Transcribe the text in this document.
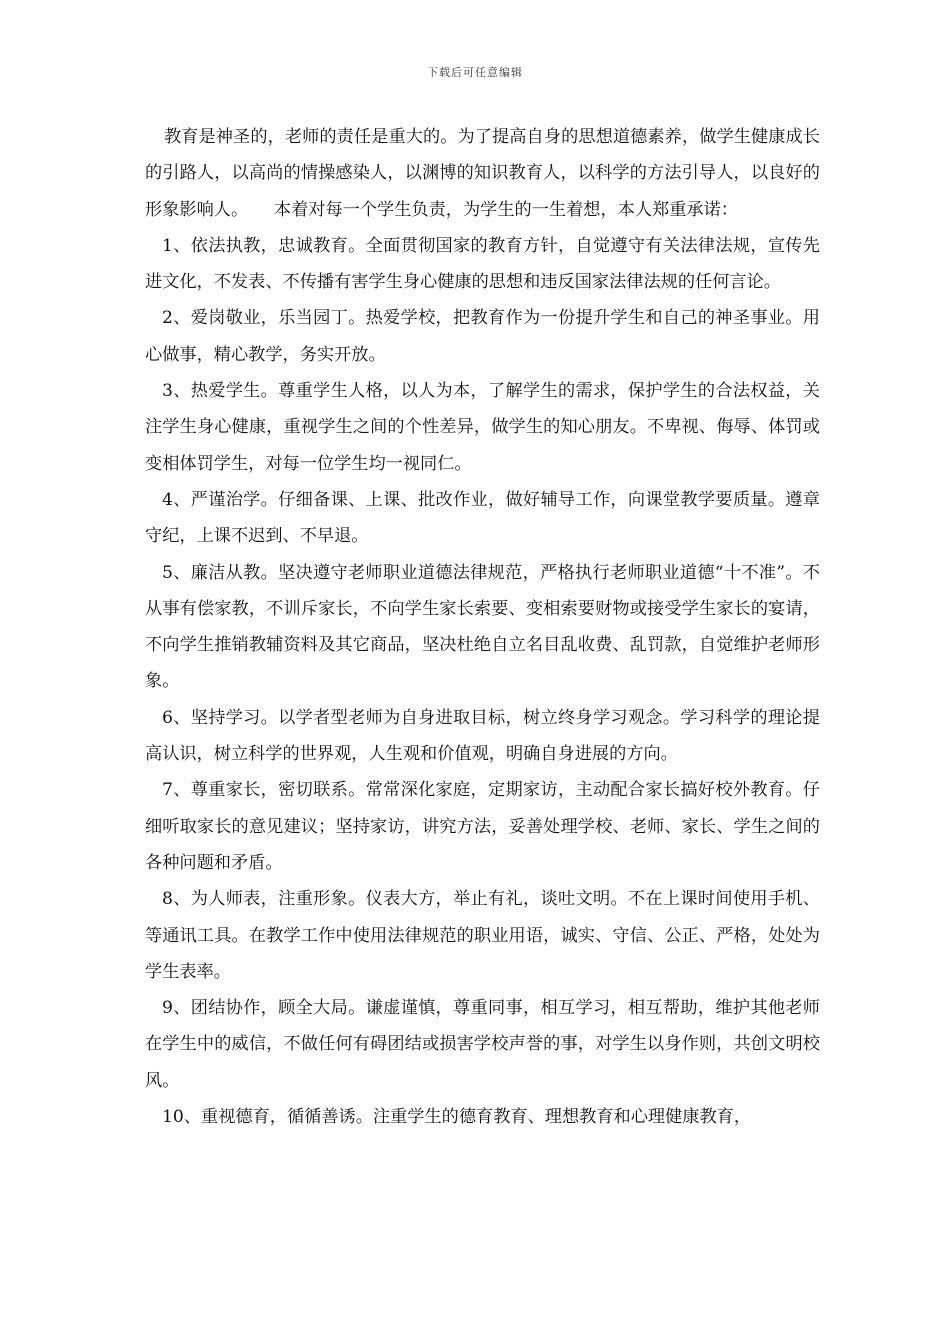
下载后可任意编辑

教育是神圣的，老师的责任是重大的。为了提高自身的思想道德素养，做学生健康成长的引路人，以高尚的情操感染人，以渊博的知识教育人，以科学的方法引导人，以良好的形象影响人。　　本着对每一个学生负责，为学生的一生着想，本人郑重承诺：

1、依法执教，忠诚教育。全面贯彻国家的教育方针，自觉遵守有关法律法规，宣传先进文化，不发表、不传播有害学生身心健康的思想和违反国家法律法规的任何言论。

2、爱岗敬业，乐当园丁。热爱学校，把教育作为一份提升学生和自己的神圣事业。用心做事，精心教学，务实开放。

3、热爱学生。尊重学生人格，以人为本，了解学生的需求，保护学生的合法权益，关注学生身心健康，重视学生之间的个性差异，做学生的知心朋友。不卑视、侮辱、体罚或变相体罚学生，对每一位学生均一视同仁。

4、严谨治学。仔细备课、上课、批改作业，做好辅导工作，向课堂教学要质量。遵章守纪，上课不迟到、不早退。

5、廉洁从教。坚决遵守老师职业道德法律规范，严格执行老师职业道德“十不准”。不从事有偿家教，不训斥家长，不向学生家长索要、变相索要财物或接受学生家长的宴请，不向学生推销教辅资料及其它商品，坚决杜绝自立名目乱收费、乱罚款，自觉维护老师形象。

6、坚持学习。以学者型老师为自身进取目标，树立终身学习观念。学习科学的理论提高认识，树立科学的世界观，人生观和价值观，明确自身进展的方向。

7、尊重家长，密切联系。常常深化家庭，定期家访，主动配合家长搞好校外教育。仔细听取家长的意见建议；坚持家访，讲究方法，妥善处理学校、老师、家长、学生之间的各种问题和矛盾。

8、为人师表，注重形象。仪表大方，举止有礼，谈吐文明。不在上课时间使用手机、等通讯工具。在教学工作中使用法律规范的职业用语，诚实、守信、公正、严格，处处为学生表率。

9、团结协作，顾全大局。谦虚谨慎，尊重同事，相互学习，相互帮助，维护其他老师在学生中的威信，不做任何有碍团结或损害学校声誉的事，对学生以身作则，共创文明校风。

10、重视德育，循循善诱。注重学生的德育教育、理想教育和心理健康教育，
